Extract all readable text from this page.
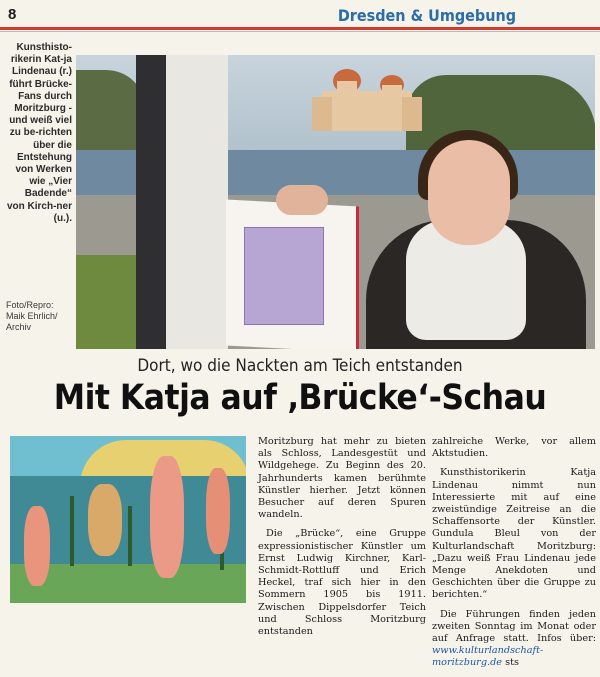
8	Dresden & Umgebung
Kunsthisto-rikerin Kat-ja Lindenau (r.) führt Brücke-Fans durch Moritzburg - und weiß viel zu be-richten über die Entstehung von Werken wie „Vier Badende“ von Kirch-ner (u.).
Foto/Repro: Maik Ehrlich/ Archiv
Dort, wo die Nackten am Teich entstanden
Mit Katja auf ‚Brücke‘-Schau

Moritzburg hat mehr zu bieten als Schloss, Landesgestüt und Wildgehege. Zu Beginn des 20. Jahrhunderts kamen berühmte Künstler hierher. Jetzt können Besucher auf deren Spuren wandeln.

Die „Brücke“, eine Gruppe expressionistischer Künstler um Ernst Ludwig Kirchner, Karl-Schmidt-Rottluff und Erich Heckel, traf sich hier in den Sommern 1905 bis 1911. Zwischen Dippelsdorfer Teich und Schloss Moritzburg entstanden

zahlreiche Werke, vor allem Aktstudien.

Kunsthistorikerin Katja Lindenau nimmt nun Interessierte mit auf eine zweistündige Zeitreise an die Schaffensorte der Künstler. Gundula Bleul von der Kulturlandschaft Moritzburg: „Dazu weiß Frau Lindenau jede Menge Anekdoten und Geschichten über die Gruppe zu berichten.“

Die Führungen finden jeden zweiten Sonntag im Monat oder auf Anfrage statt. Infos über: www.kulturlandschaft-moritzburg.de sts
